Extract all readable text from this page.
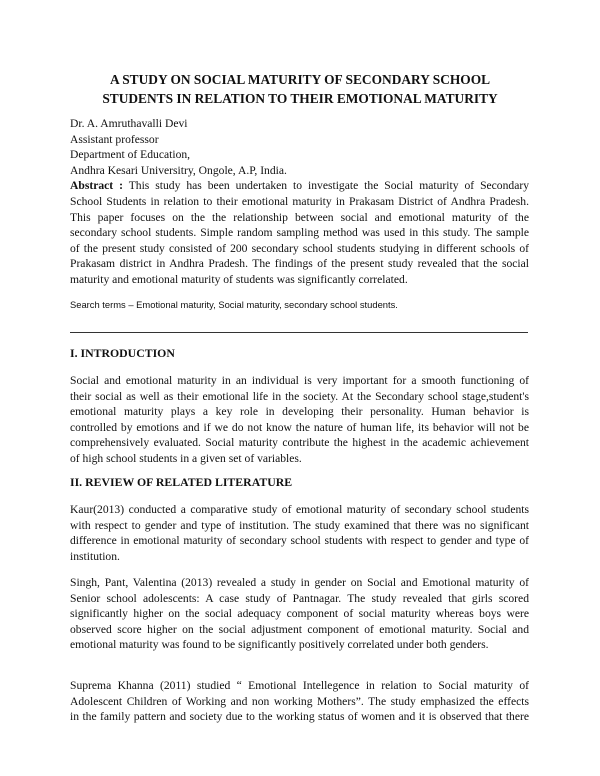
A STUDY ON SOCIAL MATURITY OF SECONDARY SCHOOL
STUDENTS IN RELATION TO THEIR EMOTIONAL MATURITY
Dr. A. Amruthavalli Devi
Assistant professor
Department of Education,
Andhra Kesari Universitry, Ongole, A.P, India.
Abstract : This study has been undertaken to investigate the Social maturity of Secondary
School Students in relation to their emotional maturity in Prakasam District of Andhra Pradesh.
This paper focuses on the the relationship between social and emotional maturity of the
secondary school students. Simple random sampling method was used in this study. The sample
of the present study consisted of 200 secondary school students studying in different schools of
Prakasam district in Andhra Pradesh. The findings of the present study revealed that the social
maturity and emotional maturity of students was significantly correlated.
Search terms – Emotional maturity, Social maturity, secondary school students.
I. INTRODUCTION
Social and emotional maturity in an individual is very important for a smooth functioning of
their social as well as their emotional life in the society. At the Secondary school stage,student's
emotional maturity plays a key role in developing their personality. Human behavior is
controlled by emotions and if we do not know the nature of human life, its behavior will not be
comprehensively evaluated. Social maturity contribute the highest in the academic achievement
of high school students in a given set of variables.
II. REVIEW OF RELATED LITERATURE
Kaur(2013) conducted a comparative study of emotional maturity of secondary school students
with respect to gender and type of institution. The study examined that there was no significant
difference in emotional maturity of secondary school students with respect to gender and type of
institution.
Singh, Pant, Valentina (2013) revealed a study in gender on Social and Emotional maturity of
Senior school adolescents: A case study of Pantnagar. The study revealed that girls scored
significantly higher on the social adequacy component of social maturity whereas boys were
observed score higher on the social adjustment component of emotional maturity. Social and
emotional maturity was found to be significantly positively correlated under both genders.
Suprema Khanna (2011) studied “ Emotional Intellegence in relation to Social maturity of
Adolescent Children of Working and non working Mothers”. The study emphasized the effects
in the family pattern and society due to the working status of women and it is observed that there
